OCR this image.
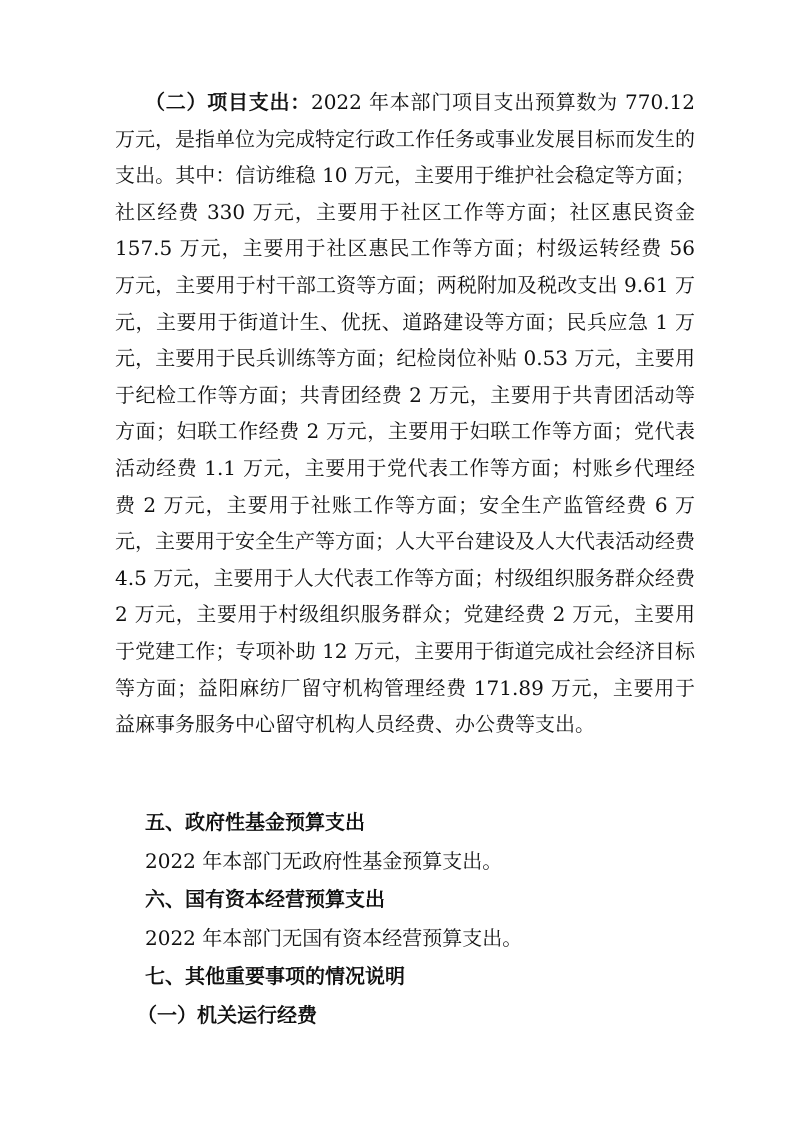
（二）项目支出：2022 年本部门项目支出预算数为 770.12 万元，是指单位为完成特定行政工作任务或事业发展目标而发生的支出。其中：信访维稳 10 万元，主要用于维护社会稳定等方面；社区经费 330 万元，主要用于社区工作等方面；社区惠民资金 157.5 万元，主要用于社区惠民工作等方面；村级运转经费 56 万元，主要用于村干部工资等方面；两税附加及税改支出 9.61 万元，主要用于街道计生、优抚、道路建设等方面；民兵应急 1 万元，主要用于民兵训练等方面；纪检岗位补贴 0.53 万元，主要用于纪检工作等方面；共青团经费 2 万元，主要用于共青团活动等方面；妇联工作经费 2 万元，主要用于妇联工作等方面；党代表活动经费 1.1 万元，主要用于党代表工作等方面；村账乡代理经费 2 万元，主要用于社账工作等方面；安全生产监管经费 6 万元，主要用于安全生产等方面；人大平台建设及人大代表活动经费 4.5 万元，主要用于人大代表工作等方面；村级组织服务群众经费 2 万元，主要用于村级组织服务群众；党建经费 2 万元，主要用于党建工作；专项补助 12 万元，主要用于街道完成社会经济目标等方面；益阳麻纺厂留守机构管理经费 171.89 万元，主要用于益麻事务服务中心留守机构人员经费、办公费等支出。

五、政府性基金预算支出

2022 年本部门无政府性基金预算支出。

六、国有资本经营预算支出

2022 年本部门无国有资本经营预算支出。

七、其他重要事项的情况说明

（一）机关运行经费
